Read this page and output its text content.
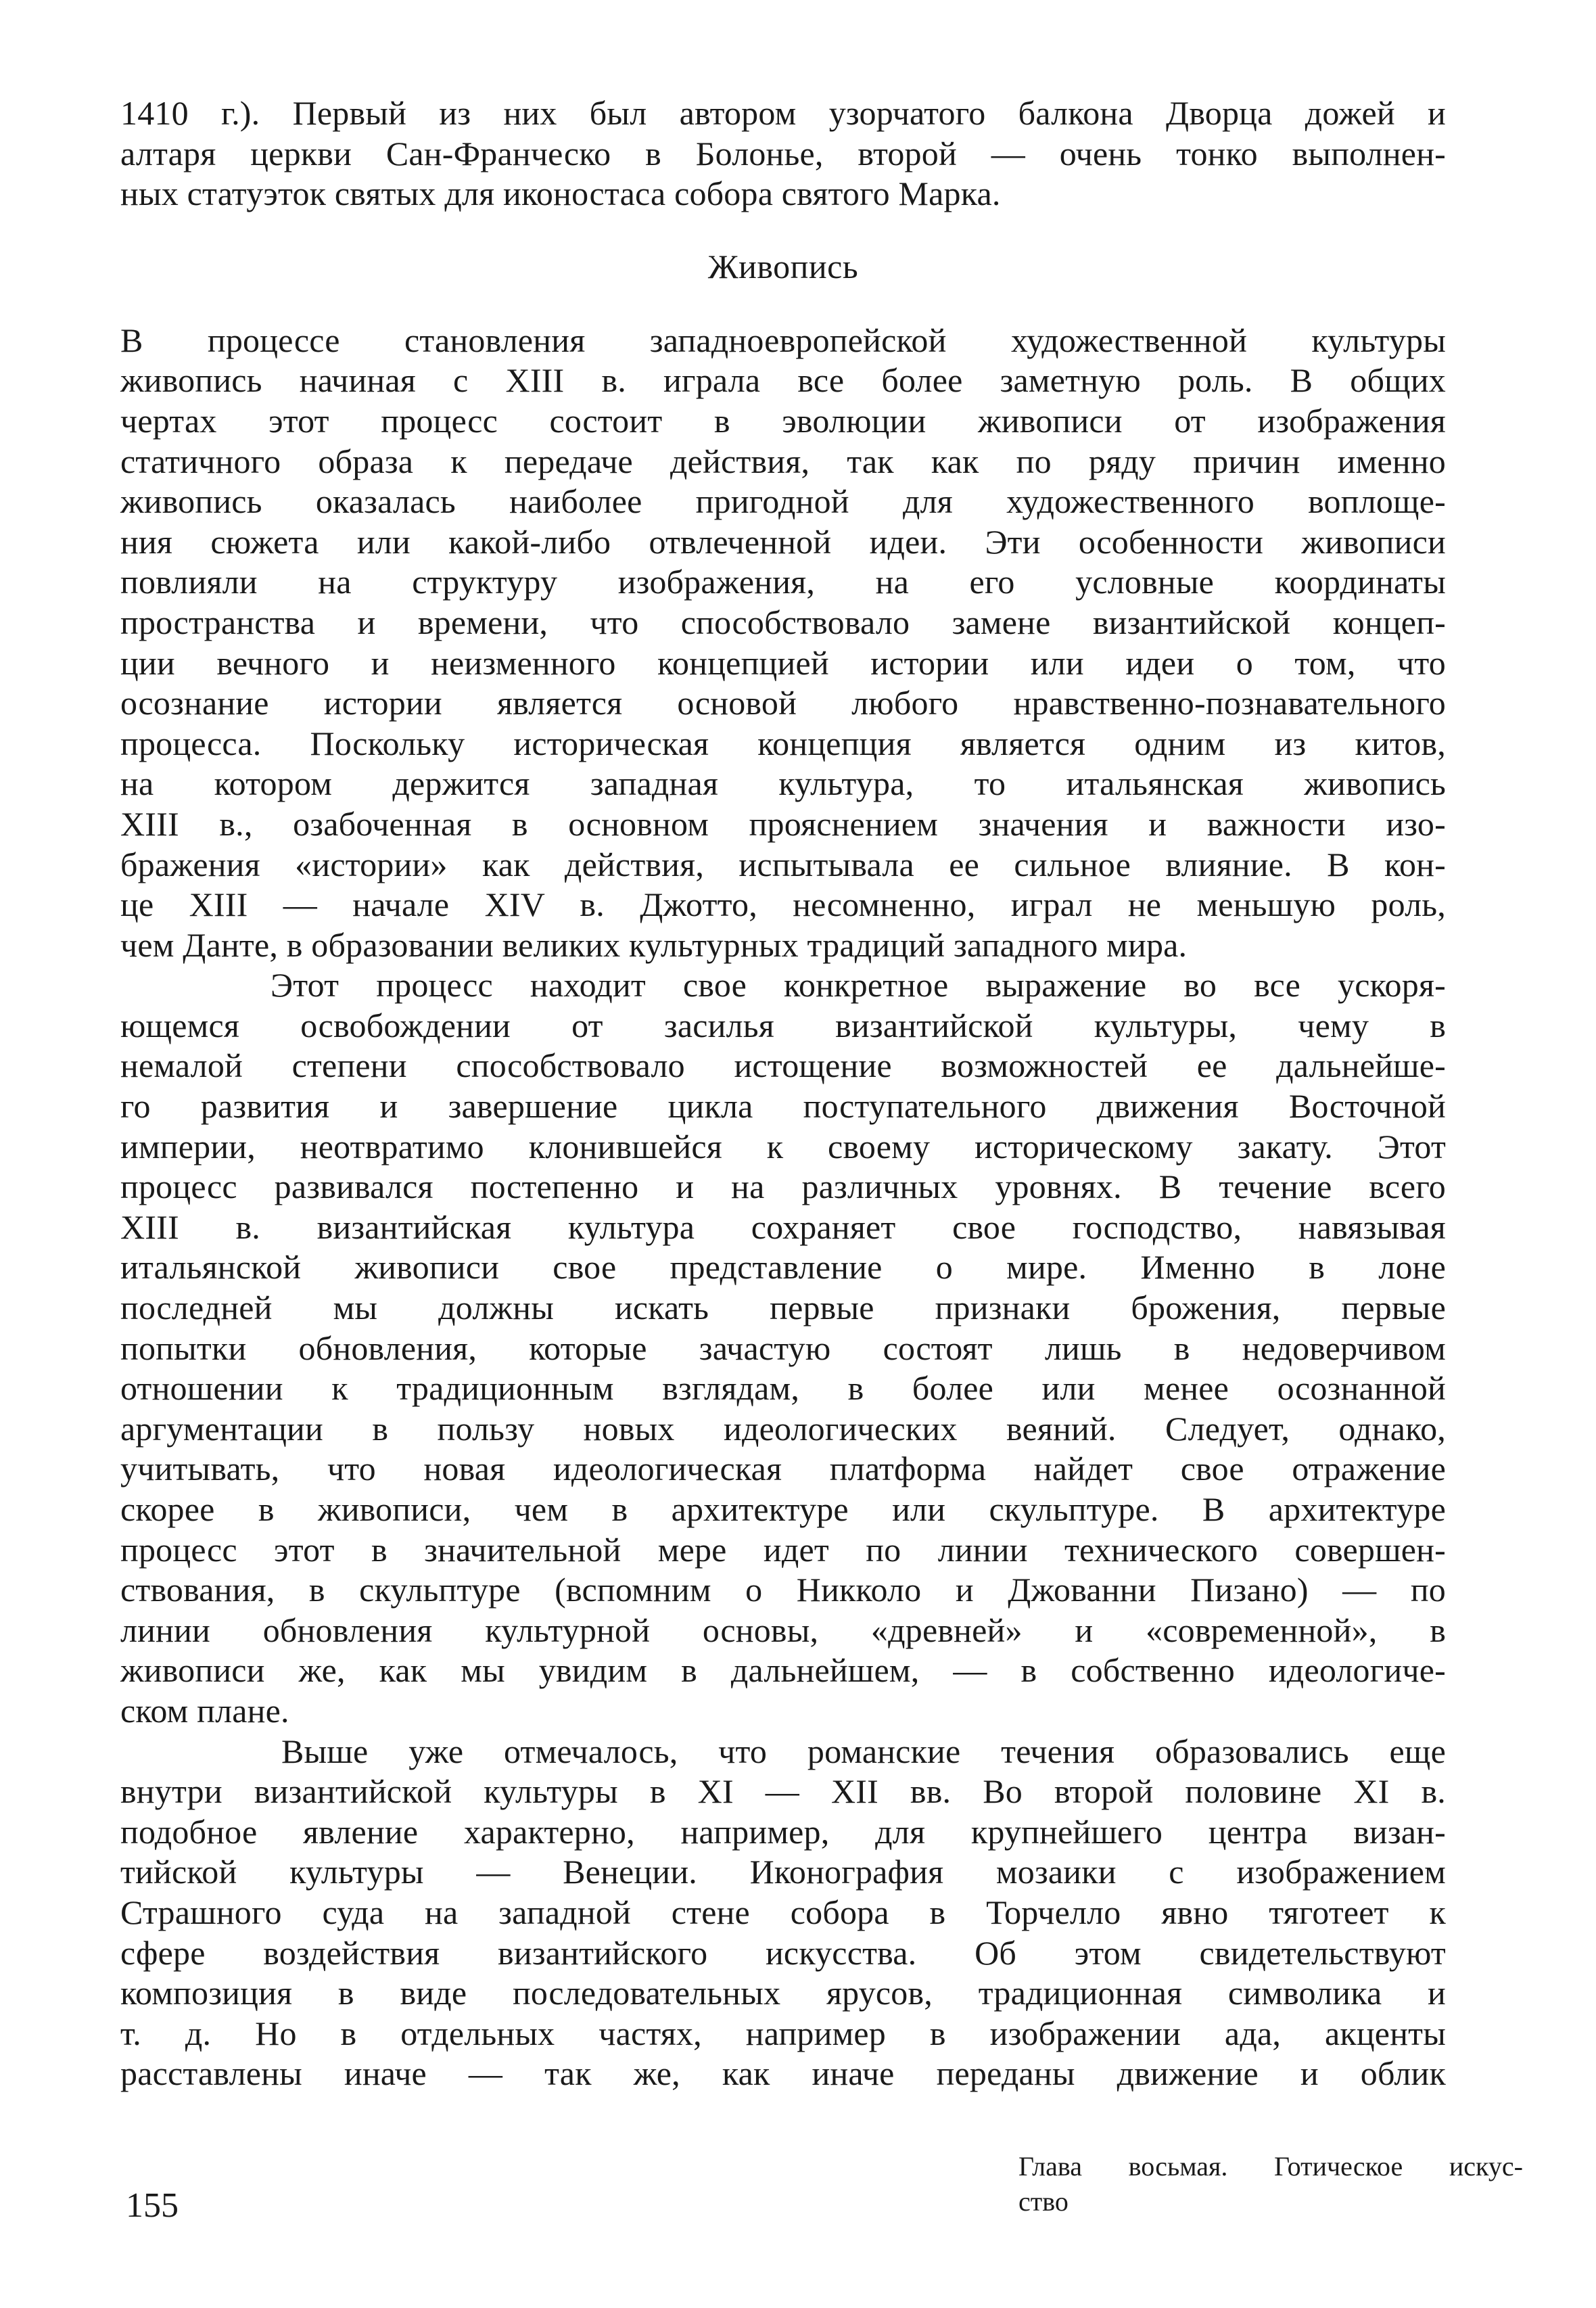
1410 г.). Первый из них был автором узорчатого балкона Дворца дожей и
алтаря церкви Сан-Франческо в Болонье, второй — очень тонко выполнен-
ных статуэток святых для иконостаса собора святого Марка.
Живопись
В процессе становления западноевропейской художественной культуры
живопись начиная с XIII в. играла все более заметную роль. В общих
чертах этот процесс состоит в эволюции живописи от изображения
статичного образа к передаче действия, так как по ряду причин именно
живопись оказалась наиболее пригодной для художественного воплоще-
ния сюжета или какой-либо отвлеченной идеи. Эти особенности живописи
повлияли на структуру изображения, на его условные координаты
пространства и времени, что способствовало замене византийской концеп-
ции вечного и неизменного концепцией истории или идеи о том, что
осознание истории является основой любого нравственно-познавательного
процесса. Поскольку историческая концепция является одним из китов,
на котором держится западная культура, то итальянская живопись
XIII в., озабоченная в основном прояснением значения и важности изо-
бражения «истории» как действия, испытывала ее сильное влияние. В кон-
це XIII — начале XIV в. Джотто, несомненно, играл не меньшую роль,
чем Данте, в образовании великих культурных традиций западного мира.
Этот процесс находит свое конкретное выражение во все ускоря-
ющемся освобождении от засилья византийской культуры, чему в
немалой степени способствовало истощение возможностей ее дальнейше-
го развития и завершение цикла поступательного движения Восточной
империи, неотвратимо клонившейся к своему историческому закату. Этот
процесс развивался постепенно и на различных уровнях. В течение всего
XIII в. византийская культура сохраняет свое господство, навязывая
итальянской живописи свое представление о мире. Именно в лоне
последней мы должны искать первые признаки брожения, первые
попытки обновления, которые зачастую состоят лишь в недоверчивом
отношении к традиционным взглядам, в более или менее осознанной
аргументации в пользу новых идеологических веяний. Следует, однако,
учитывать, что новая идеологическая платформа найдет свое отражение
скорее в живописи, чем в архитектуре или скульптуре. В архитектуре
процесс этот в значительной мере идет по линии технического совершен-
ствования, в скульптуре (вспомним о Никколо и Джованни Пизано) — по
линии обновления культурной основы, «древней» и «современной», в
живописи же, как мы увидим в дальнейшем, — в собственно идеологиче-
ском плане.
Выше уже отмечалось, что романские течения образовались еще
внутри византийской культуры в XI — XII вв. Во второй половине XI в.
подобное явление характерно, например, для крупнейшего центра визан-
тийской культуры — Венеции. Иконография мозаики с изображением
Страшного суда на западной стене собора в Торчелло явно тяготеет к
сфере воздействия византийского искусства. Об этом свидетельствуют
композиция в виде последовательных ярусов, традиционная символика и
т. д. Но в отдельных частях, например в изображении ада, акценты
расставлены иначе — так же, как иначе переданы движение и облик
155
Глава восьмая. Готическое искус-
ство
